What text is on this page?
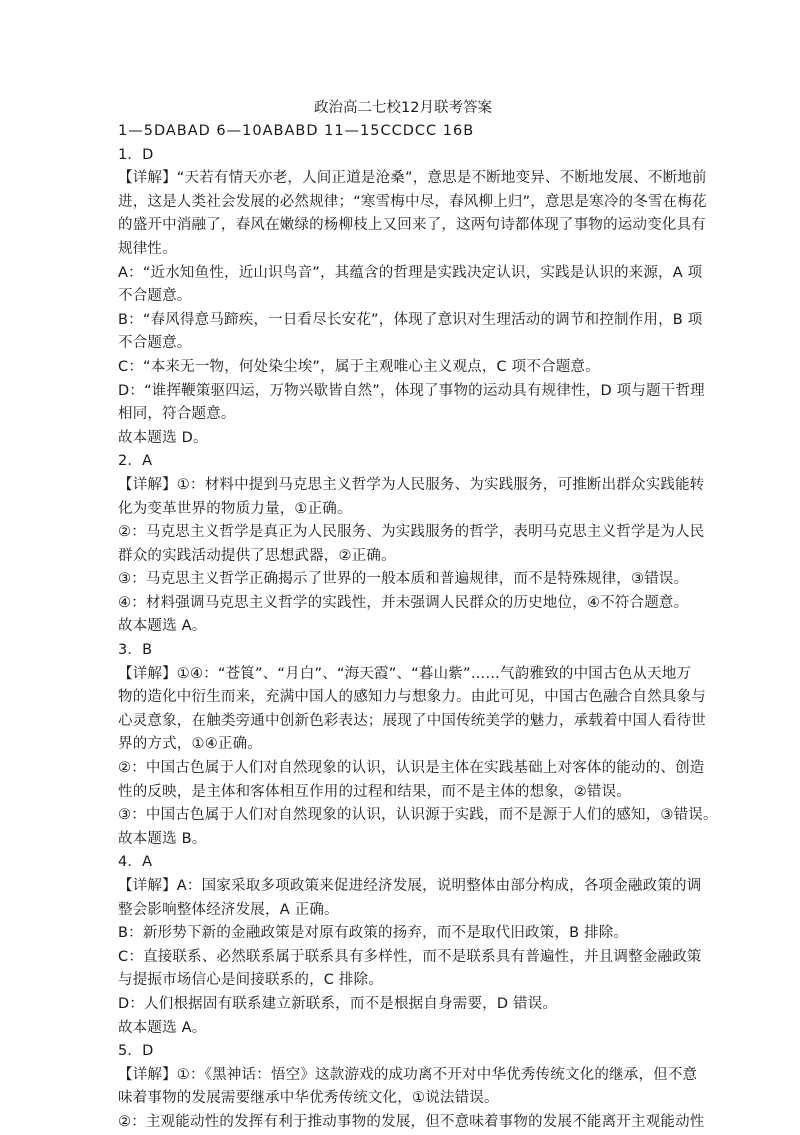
政治高二七校12月联考答案
1—5DABAD 6—10ABABD 11—15CCDCC 16B
1．D
【详解】“天若有情天亦老，人间正道是沧桑”，意思是不断地变异、不断地发展、不断地前
进，这是人类社会发展的必然规律；“寒雪梅中尽，春风柳上归”，意思是寒冷的冬雪在梅花
的盛开中消融了，春风在嫩绿的杨柳枝上又回来了，这两句诗都体现了事物的运动变化具有
规律性。
A：“近水知鱼性，近山识鸟音”，其蕴含的哲理是实践决定认识，实践是认识的来源，A 项
不合题意。
B：“春风得意马蹄疾，一日看尽长安花”，体现了意识对生理活动的调节和控制作用，B 项
不合题意。
C：“本来无一物，何处染尘埃”，属于主观唯心主义观点，C 项不合题意。
D：“谁挥鞭策驱四运，万物兴歇皆自然”，体现了事物的运动具有规律性，D 项与题干哲理
相同，符合题意。
故本题选 D。
2．A
【详解】①：材料中提到马克思主义哲学为人民服务、为实践服务，可推断出群众实践能转
化为变革世界的物质力量，①正确。
②：马克思主义哲学是真正为人民服务、为实践服务的哲学，表明马克思主义哲学是为人民
群众的实践活动提供了思想武器，②正确。
③：马克思主义哲学正确揭示了世界的一般本质和普遍规律，而不是特殊规律，③错误。
④：材料强调马克思主义哲学的实践性，并未强调人民群众的历史地位，④不符合题意。
故本题选 A。
3．B
【详解】①④：“苍筤”、“月白”、“海天霞”、“暮山紫”……气韵雅致的中国古色从天地万
物的造化中衍生而来，充满中国人的感知力与想象力。由此可见，中国古色融合自然具象与
心灵意象，在触类旁通中创新色彩表达；展现了中国传统美学的魅力，承载着中国人看待世
界的方式，①④正确。
②：中国古色属于人们对自然现象的认识，认识是主体在实践基础上对客体的能动的、创造
性的反映，是主体和客体相互作用的过程和结果，而不是主体的想象，②错误。
③：中国古色属于人们对自然现象的认识，认识源于实践，而不是源于人们的感知，③错误。
故本题选 B。
4．A
【详解】A：国家采取多项政策来促进经济发展，说明整体由部分构成，各项金融政策的调
整会影响整体经济发展，A 正确。
B：新形势下新的金融政策是对原有政策的扬弃，而不是取代旧政策，B 排除。
C：直接联系、必然联系属于联系具有多样性，而不是联系具有普遍性，并且调整金融政策
与提振市场信心是间接联系的，C 排除。
D：人们根据固有联系建立新联系，而不是根据自身需要，D 错误。
故本题选 A。
5．D
【详解】①：《黑神话：悟空》这款游戏的成功离不开对中华优秀传统文化的继承，但不意
味着事物的发展需要继承中华优秀传统文化，①说法错误。
②：主观能动性的发挥有利于推动事物的发展，但不意味着事物的发展不能离开主观能动性
